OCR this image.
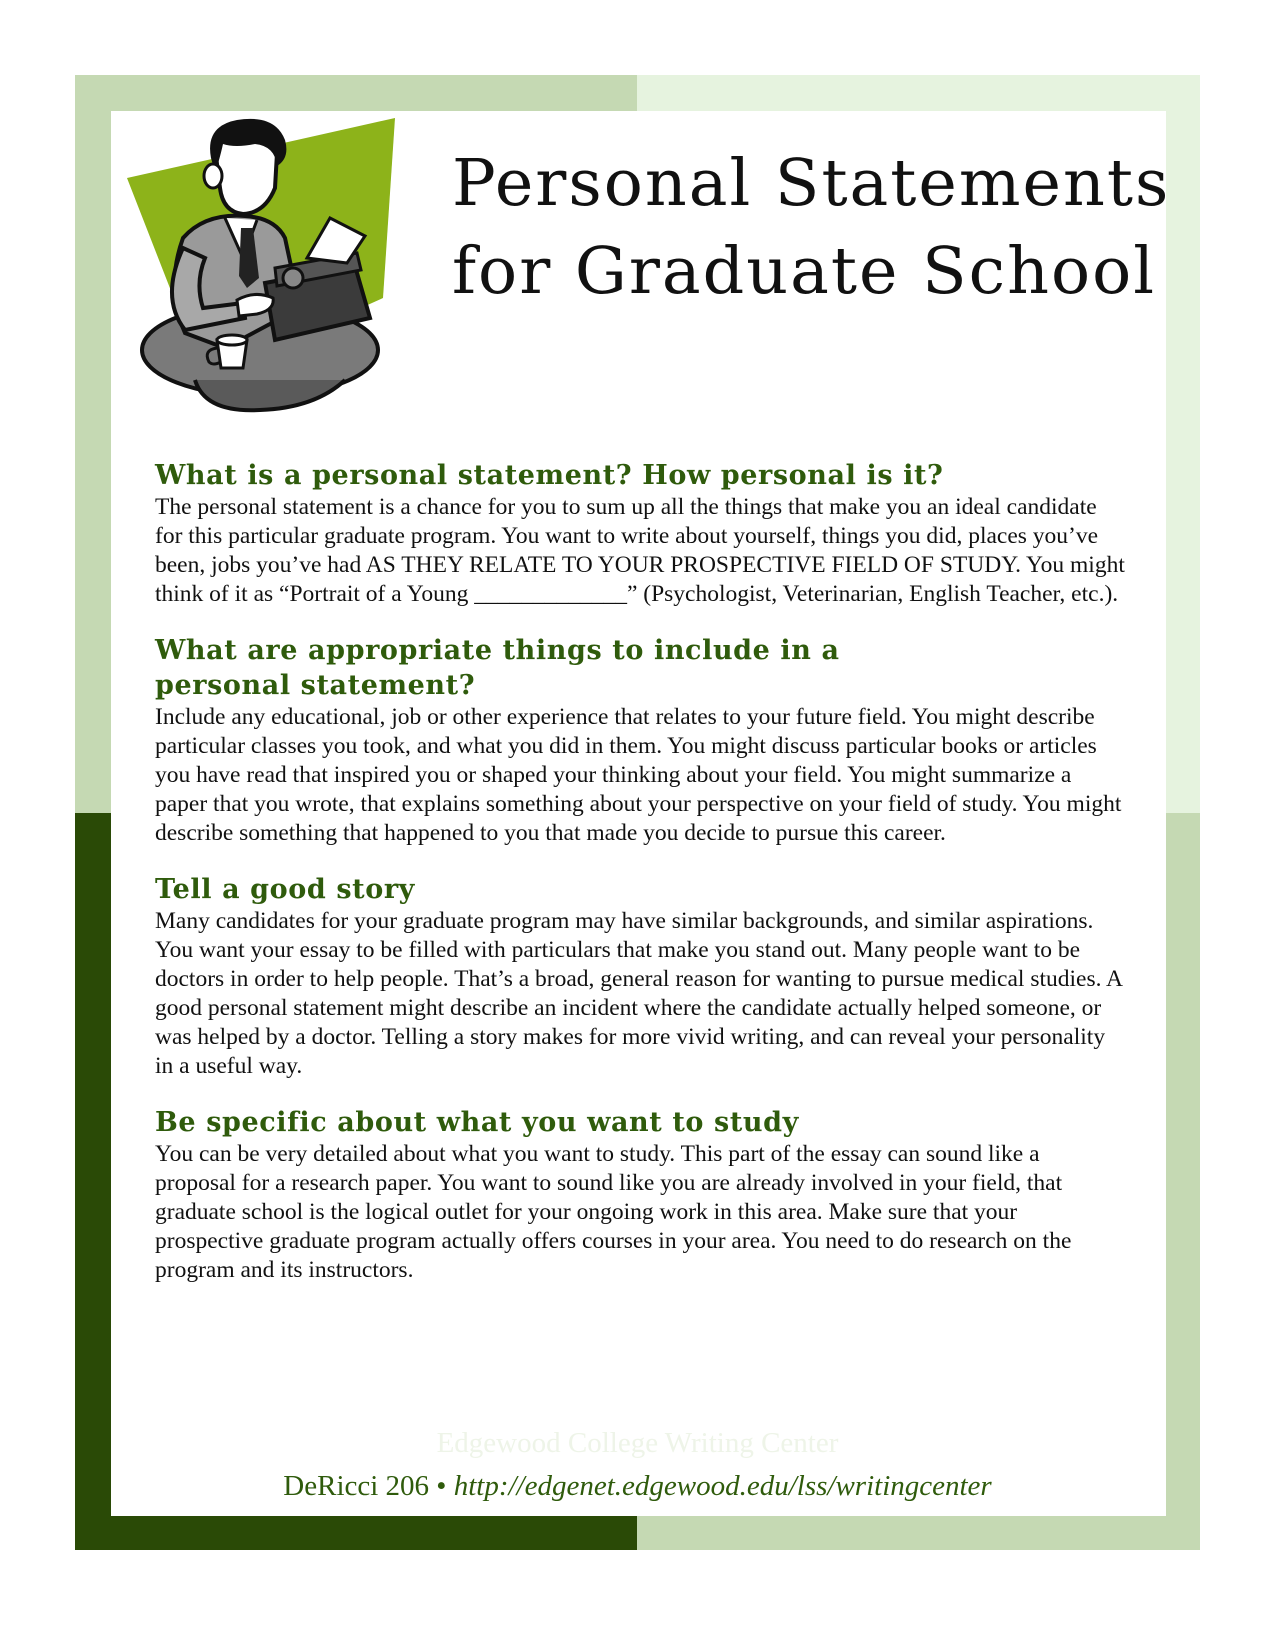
Personal Statements
for Graduate School
What is a personal statement? How personal is it?

The personal statement is a chance for you to sum up all the things that make you an ideal candidate for this particular graduate program. You want to write about yourself, things you did, places you’ve been, jobs you’ve had AS THEY RELATE TO YOUR PROSPECTIVE FIELD OF STUDY. You might think of it as “Portrait of a Young _____________” (Psychologist, Veterinarian, English Teacher, etc.).

What are appropriate things to include in a personal statement?

Include any educational, job or other experience that relates to your future field. You might describe particular classes you took, and what you did in them. You might discuss particular books or articles you have read that inspired you or shaped your thinking about your field. You might summarize a paper that you wrote, that explains something about your perspective on your field of study. You might describe something that happened to you that made you decide to pursue this career.

Tell a good story

Many candidates for your graduate program may have similar backgrounds, and similar aspirations. You want your essay to be filled with particulars that make you stand out. Many people want to be doctors in order to help people. That’s a broad, general reason for wanting to pursue medical studies. A good personal statement might describe an incident where the candidate actually helped someone, or was helped by a doctor. Telling a story makes for more vivid writing, and can reveal your personality in a useful way.

Be specific about what you want to study

You can be very detailed about what you want to study. This part of the essay can sound like a proposal for a research paper. You want to sound like you are already involved in your field, that graduate school is the logical outlet for your ongoing work in this area. Make sure that your prospective graduate program actually offers courses in your area. You need to do research on the program and its instructors.

Edgewood College Writing Center
DeRicci 206 • http://edgenet.edgewood.edu/lss/writingcenter
